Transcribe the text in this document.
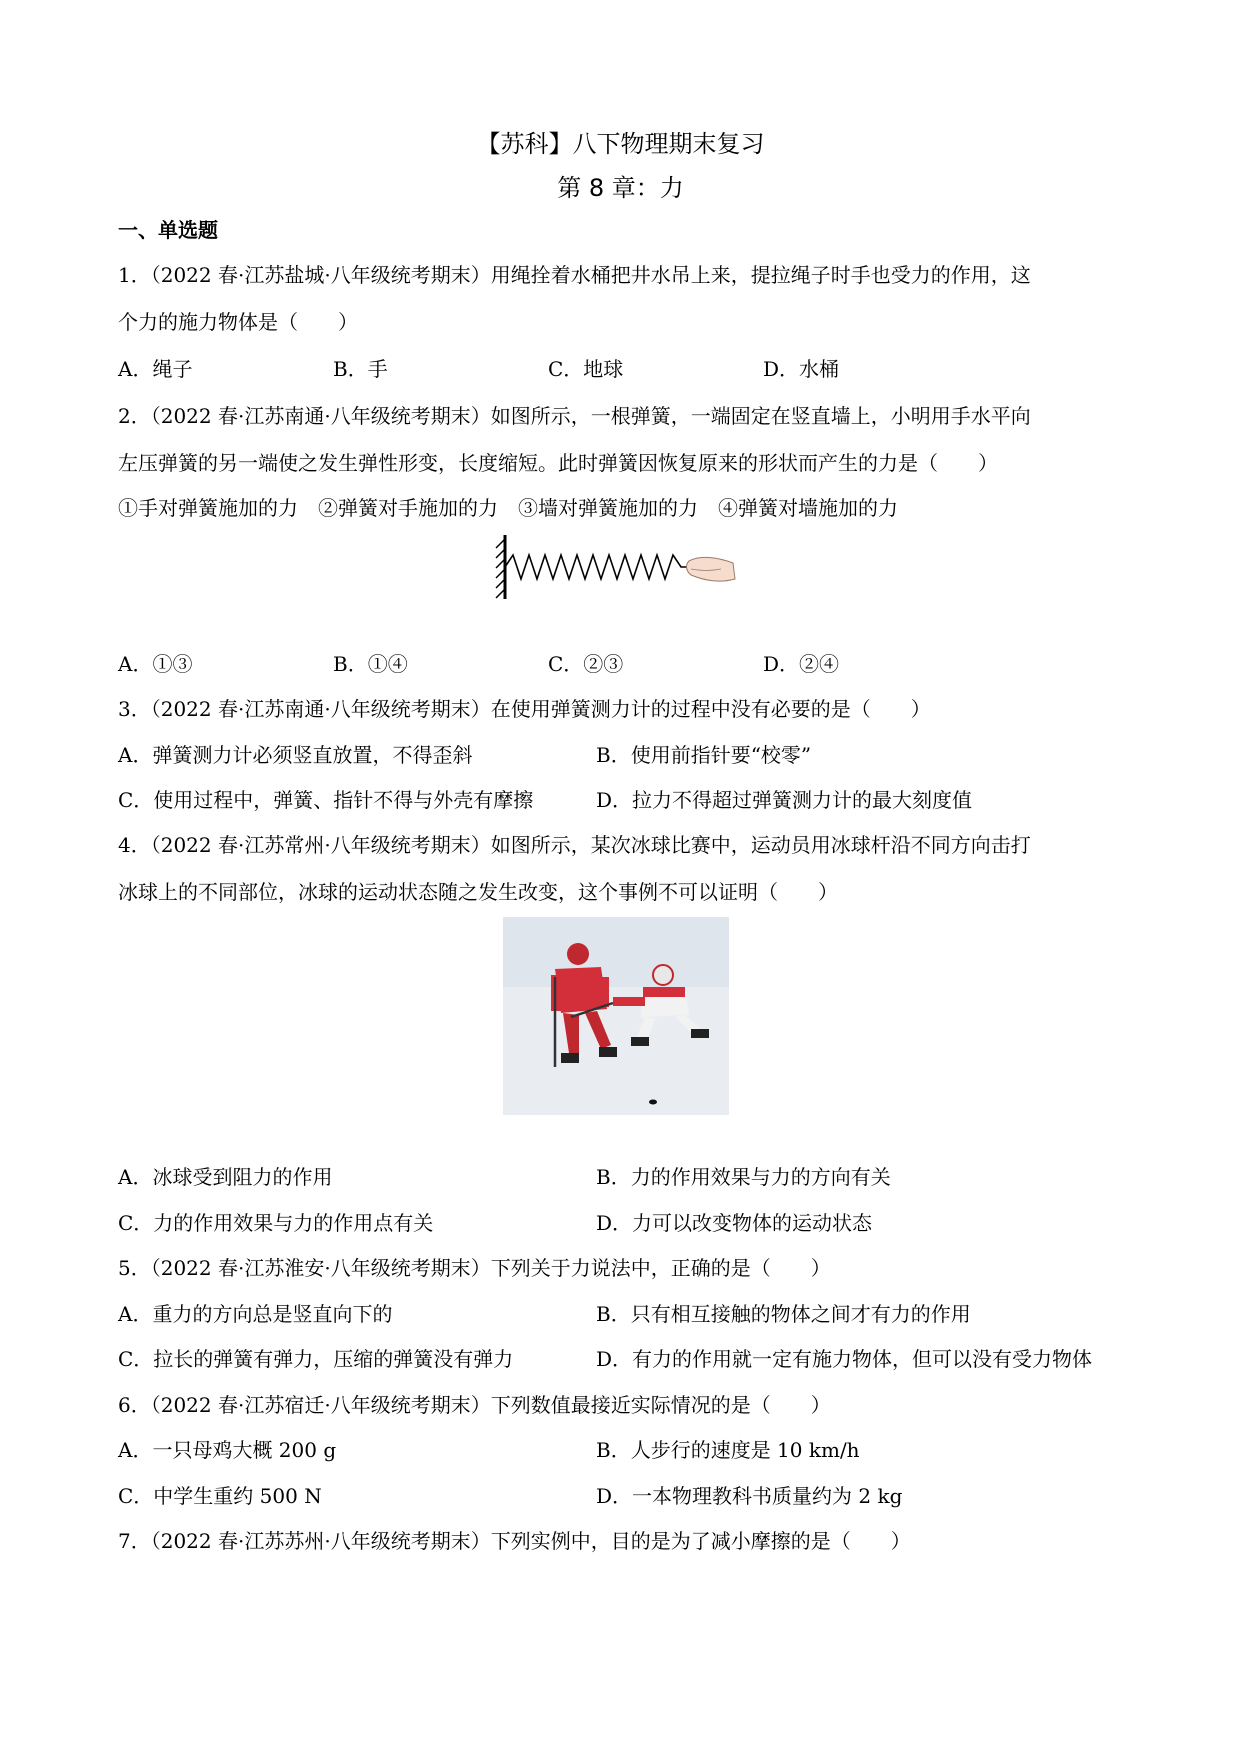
【苏科】八下物理期末复习
第 8 章：力
一、单选题
1．（2022 春·江苏盐城·八年级统考期末）用绳拴着水桶把井水吊上来，提拉绳子时手也受力的作用，这
个力的施力物体是（　　）
A．绳子	B．手	C．地球	D．水桶
2．（2022 春·江苏南通·八年级统考期末）如图所示，一根弹簧，一端固定在竖直墙上，小明用手水平向
左压弹簧的另一端使之发生弹性形变，长度缩短。此时弹簧因恢复原来的形状而产生的力是（　　）
①手对弹簧施加的力　②弹簧对手施加的力　③墙对弹簧施加的力　④弹簧对墙施加的力
A．①③	B．①④	C．②③	D．②④
3．（2022 春·江苏南通·八年级统考期末）在使用弹簧测力计的过程中没有必要的是（　　）
A．弹簧测力计必须竖直放置，不得歪斜	B．使用前指针要“校零”
C．使用过程中，弹簧、指针不得与外壳有摩擦	D．拉力不得超过弹簧测力计的最大刻度值
4．（2022 春·江苏常州·八年级统考期末）如图所示，某次冰球比赛中，运动员用冰球杆沿不同方向击打
冰球上的不同部位，冰球的运动状态随之发生改变，这个事例不可以证明（　　）
A．冰球受到阻力的作用	B．力的作用效果与力的方向有关
C．力的作用效果与力的作用点有关	D．力可以改变物体的运动状态
5．（2022 春·江苏淮安·八年级统考期末）下列关于力说法中，正确的是（　　）
A．重力的方向总是竖直向下的	B．只有相互接触的物体之间才有力的作用
C．拉长的弹簧有弹力，压缩的弹簧没有弹力	D．有力的作用就一定有施力物体，但可以没有受力物体
6．（2022 春·江苏宿迁·八年级统考期末）下列数值最接近实际情况的是（　　）
A．一只母鸡大概 200 g	B．人步行的速度是 10 km/h
C．中学生重约 500 N	D．一本物理教科书质量约为 2 kg
7．（2022 春·江苏苏州·八年级统考期末）下列实例中，目的是为了减小摩擦的是（　　）
